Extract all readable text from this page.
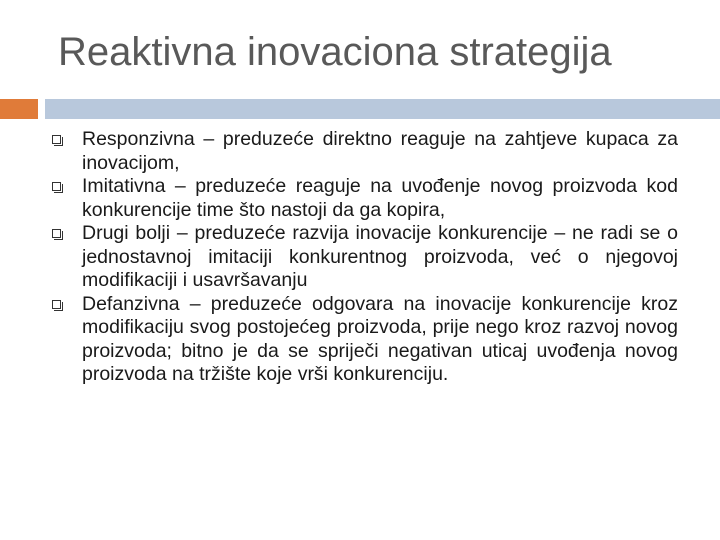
Reaktivna inovaciona strategija
Responzivna – preduzeće direktno reaguje na zahtjeve kupaca za inovacijom,
Imitativna – preduzeće reaguje na uvođenje novog proizvoda kod konkurencije time što nastoji da ga kopira,
Drugi bolji – preduzeće razvija inovacije konkurencije – ne radi se o jednostavnoj imitaciji konkurentnog proizvoda, već o njegovoj modifikaciji i usavršavanju
Defanzivna – preduzeće odgovara na inovacije konkurencije kroz modifikaciju svog postojećeg proizvoda, prije nego kroz razvoj novog proizvoda; bitno je da se spriječi negativan uticaj uvođenja novog proizvoda na tržište koje vrši konkurenciju.
